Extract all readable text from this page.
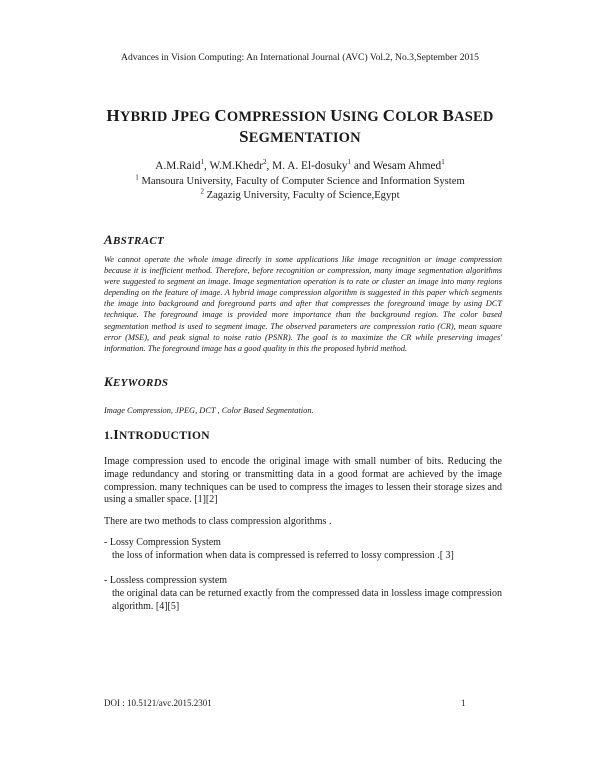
Advances in Vision Computing: An International Journal (AVC) Vol.2, No.3,September 2015
HYBRID JPEG COMPRESSION USING COLOR BASED
SEGMENTATION
A.M.Raid$^1$, W.M.Khedr$^2$, M. A. El-dosuky$^1$ and Wesam Ahmed$^1$
$^1$ Mansoura University, Faculty of Computer Science and Information System
$^2$ Zagazig University, Faculty of Science,Egypt
ABSTRACT
We cannot operate the whole image directly in some applications like image recognition or image compression because it is inefficient method. Therefore, before recognition or compression, many image segmentation algorithms were suggested to segment an image. Image segmentation operation is to rate or cluster an image into many regions depending on the feature of image. A hybrid image compression algorithm is suggested in this paper which segments the image into background and foreground parts and after that compresses the foreground image by using DCT technique. The foreground image is provided more importance than the background region. The color based segmentation method is used to segment image. The observed parameters are compression ratio (CR), mean square error (MSE), and peak signal to noise ratio (PSNR). The goal is to maximize the CR while preserving images' information. The foreground image has a good quality in this the proposed hybrid method.
KEYWORDS
Image Compression, JPEG, DCT , Color Based Segmentation.
1.INTRODUCTION
Image compression used to encode the original image with small number of bits. Reducing the image redundancy and storing or transmitting data in a good format are achieved by the image compression. many techniques can be used to compress the images to lessen their storage sizes and using a smaller space. [1][2]
There are two methods to class compression algorithms .
- Lossy Compression System
the loss of information when data is compressed is referred to lossy compression .[ 3]
- Lossless compression system
the original data can be returned exactly from the compressed data in lossless image compression algorithm. [4][5]
DOI : 10.5121/avc.2015.2301	1
